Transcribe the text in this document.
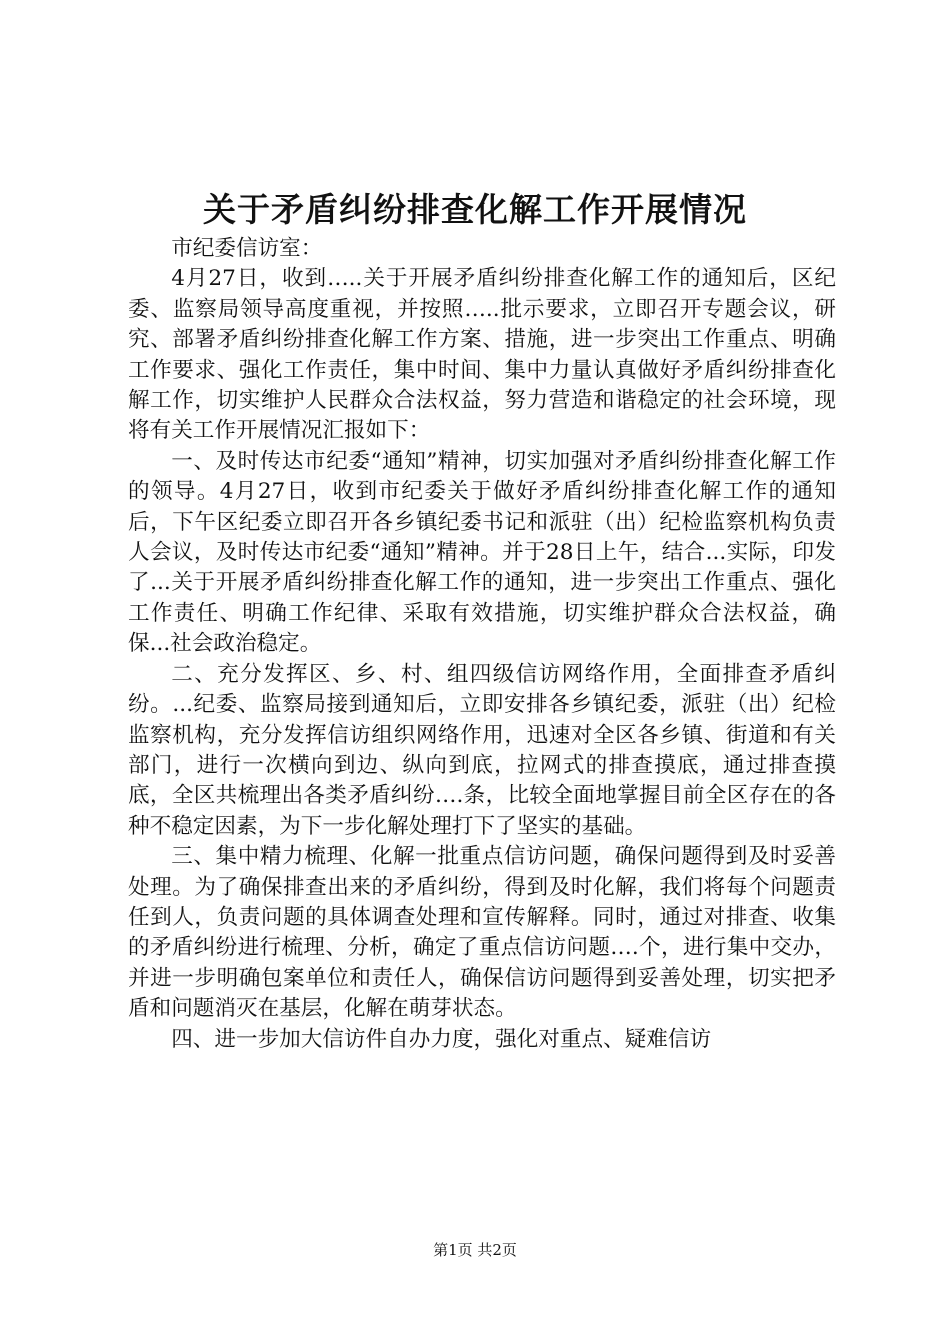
关于矛盾纠纷排查化解工作开展情况

市纪委信访室：

4月27日，收到…..关于开展矛盾纠纷排查化解工作的通知后，区纪委、监察局领导高度重视，并按照…..批示要求，立即召开专题会议，研究、部署矛盾纠纷排查化解工作方案、措施，进一步突出工作重点、明确工作要求、强化工作责任，集中时间、集中力量认真做好矛盾纠纷排查化解工作，切实维护人民群众合法权益，努力营造和谐稳定的社会环境，现将有关工作开展情况汇报如下：

一、及时传达市纪委“通知”精神，切实加强对矛盾纠纷排查化解工作的领导。4月27日，收到市纪委关于做好矛盾纠纷排查化解工作的通知后，下午区纪委立即召开各乡镇纪委书记和派驻（出）纪检监察机构负责人会议，及时传达市纪委“通知”精神。并于28日上午，结合...实际，印发了...关于开展矛盾纠纷排查化解工作的通知，进一步突出工作重点、强化工作责任、明确工作纪律、采取有效措施，切实维护群众合法权益，确保...社会政治稳定。

二、充分发挥区、乡、村、组四级信访网络作用，全面排查矛盾纠纷。...纪委、监察局接到通知后，立即安排各乡镇纪委，派驻（出）纪检监察机构，充分发挥信访组织网络作用，迅速对全区各乡镇、街道和有关部门，进行一次横向到边、纵向到底，拉网式的排查摸底，通过排查摸底，全区共梳理出各类矛盾纠纷….条，比较全面地掌握目前全区存在的各种不稳定因素，为下一步化解处理打下了坚实的基础。

三、集中精力梳理、化解一批重点信访问题，确保问题得到及时妥善处理。为了确保排查出来的矛盾纠纷，得到及时化解，我们将每个问题责任到人，负责问题的具体调查处理和宣传解释。同时，通过对排查、收集的矛盾纠纷进行梳理、分析，确定了重点信访问题….个，进行集中交办，并进一步明确包案单位和责任人，确保信访问题得到妥善处理，切实把矛盾和问题消灭在基层，化解在萌芽状态。

四、进一步加大信访件自办力度，强化对重点、疑难信访

第1页 共2页
